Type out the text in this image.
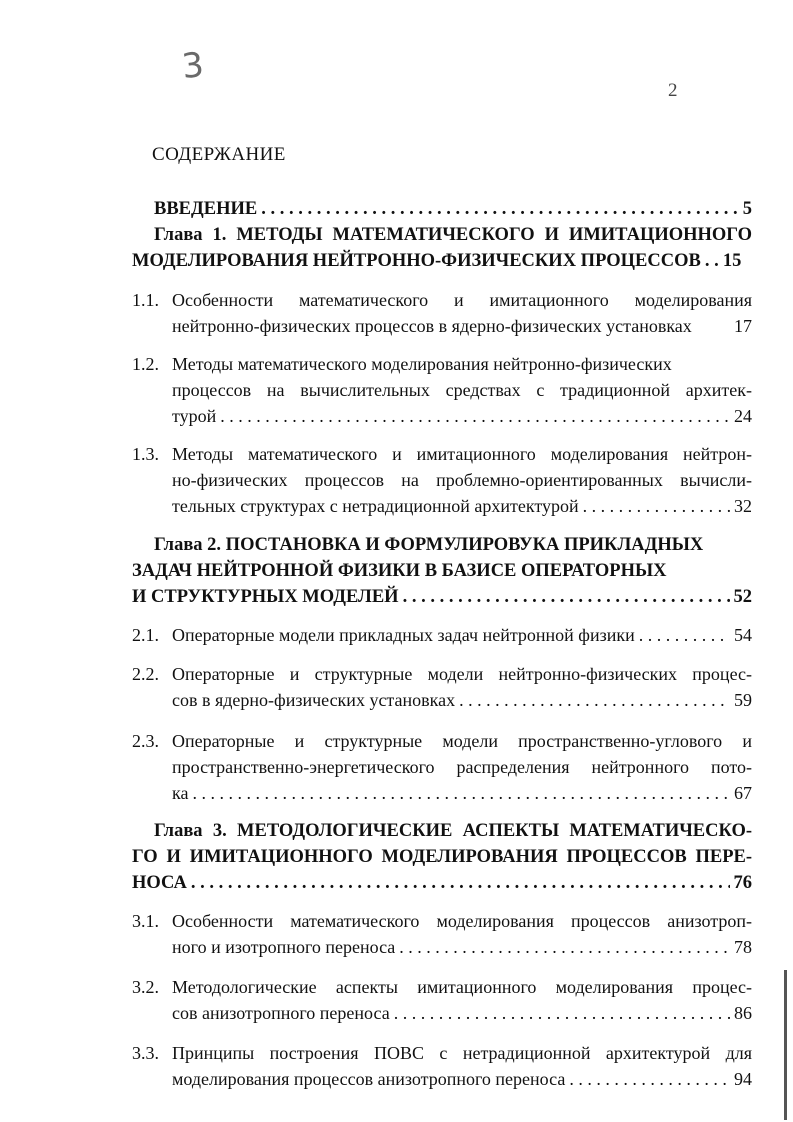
3
2
СОДЕРЖАНИЕ
ВВЕДЕНИЕ . . .	5
Глава 1. МЕТОДЫ МАТЕМАТИЧЕСКОГО И ИМИТАЦИОННОГО
МОДЕЛИРОВАНИЯ НЕЙТРОННО-ФИЗИЧЕСКИХ ПРОЦЕССОВ . . . 15
1.1. Особенности математического и имитационного моделирования
нейтронно-физических процессов в ядерно-физических установках 17
1.2. Методы математического моделирования нейтронно-физических
процессов на вычислительных средствах с традиционной архитек-
турой . . .	24
1.3. Методы математического и имитационного моделирования нейтрон-
но-физических процессов на проблемно-ориентированных вычисли-
тельных структурах с нетрадиционной архитектурой . . .	32
Глава 2. ПОСТАНОВКА И ФОРМУЛИРОВУКА ПРИКЛАДНЫХ
ЗАДАЧ НЕЙТРОННОЙ ФИЗИКИ В БАЗИСЕ ОПЕРАТОРНЫХ
И СТРУКТУРНЫХ МОДЕЛЕЙ . . .	52
2.1. Операторные модели прикладных задач нейтронной физики . . .	54
2.2. Операторные и структурные модели нейтронно-физических процес-
сов в ядерно-физических установках . . .	59
2.3. Операторные и структурные модели пространственно-углового и
пространственно-энергетического распределения нейтронного пото-
ка . . .	67
Глава 3. МЕТОДОЛОГИЧЕСКИЕ АСПЕКТЫ МАТЕМАТИЧЕСКО-
ГО И ИМИТАЦИОННОГО МОДЕЛИРОВАНИЯ ПРОЦЕССОВ ПЕРЕ-
НОСА . . .	76
3.1. Особенности математического моделирования процессов анизотроп-
ного и изотропного переноса . . .	78
3.2. Методологические аспекты имитационного моделирования процес-
сов анизотропного переноса . . .	86
3.3. Принципы построения ПОВС с нетрадиционной архитектурой для
моделирования процессов анизотропного переноса . . .	94
